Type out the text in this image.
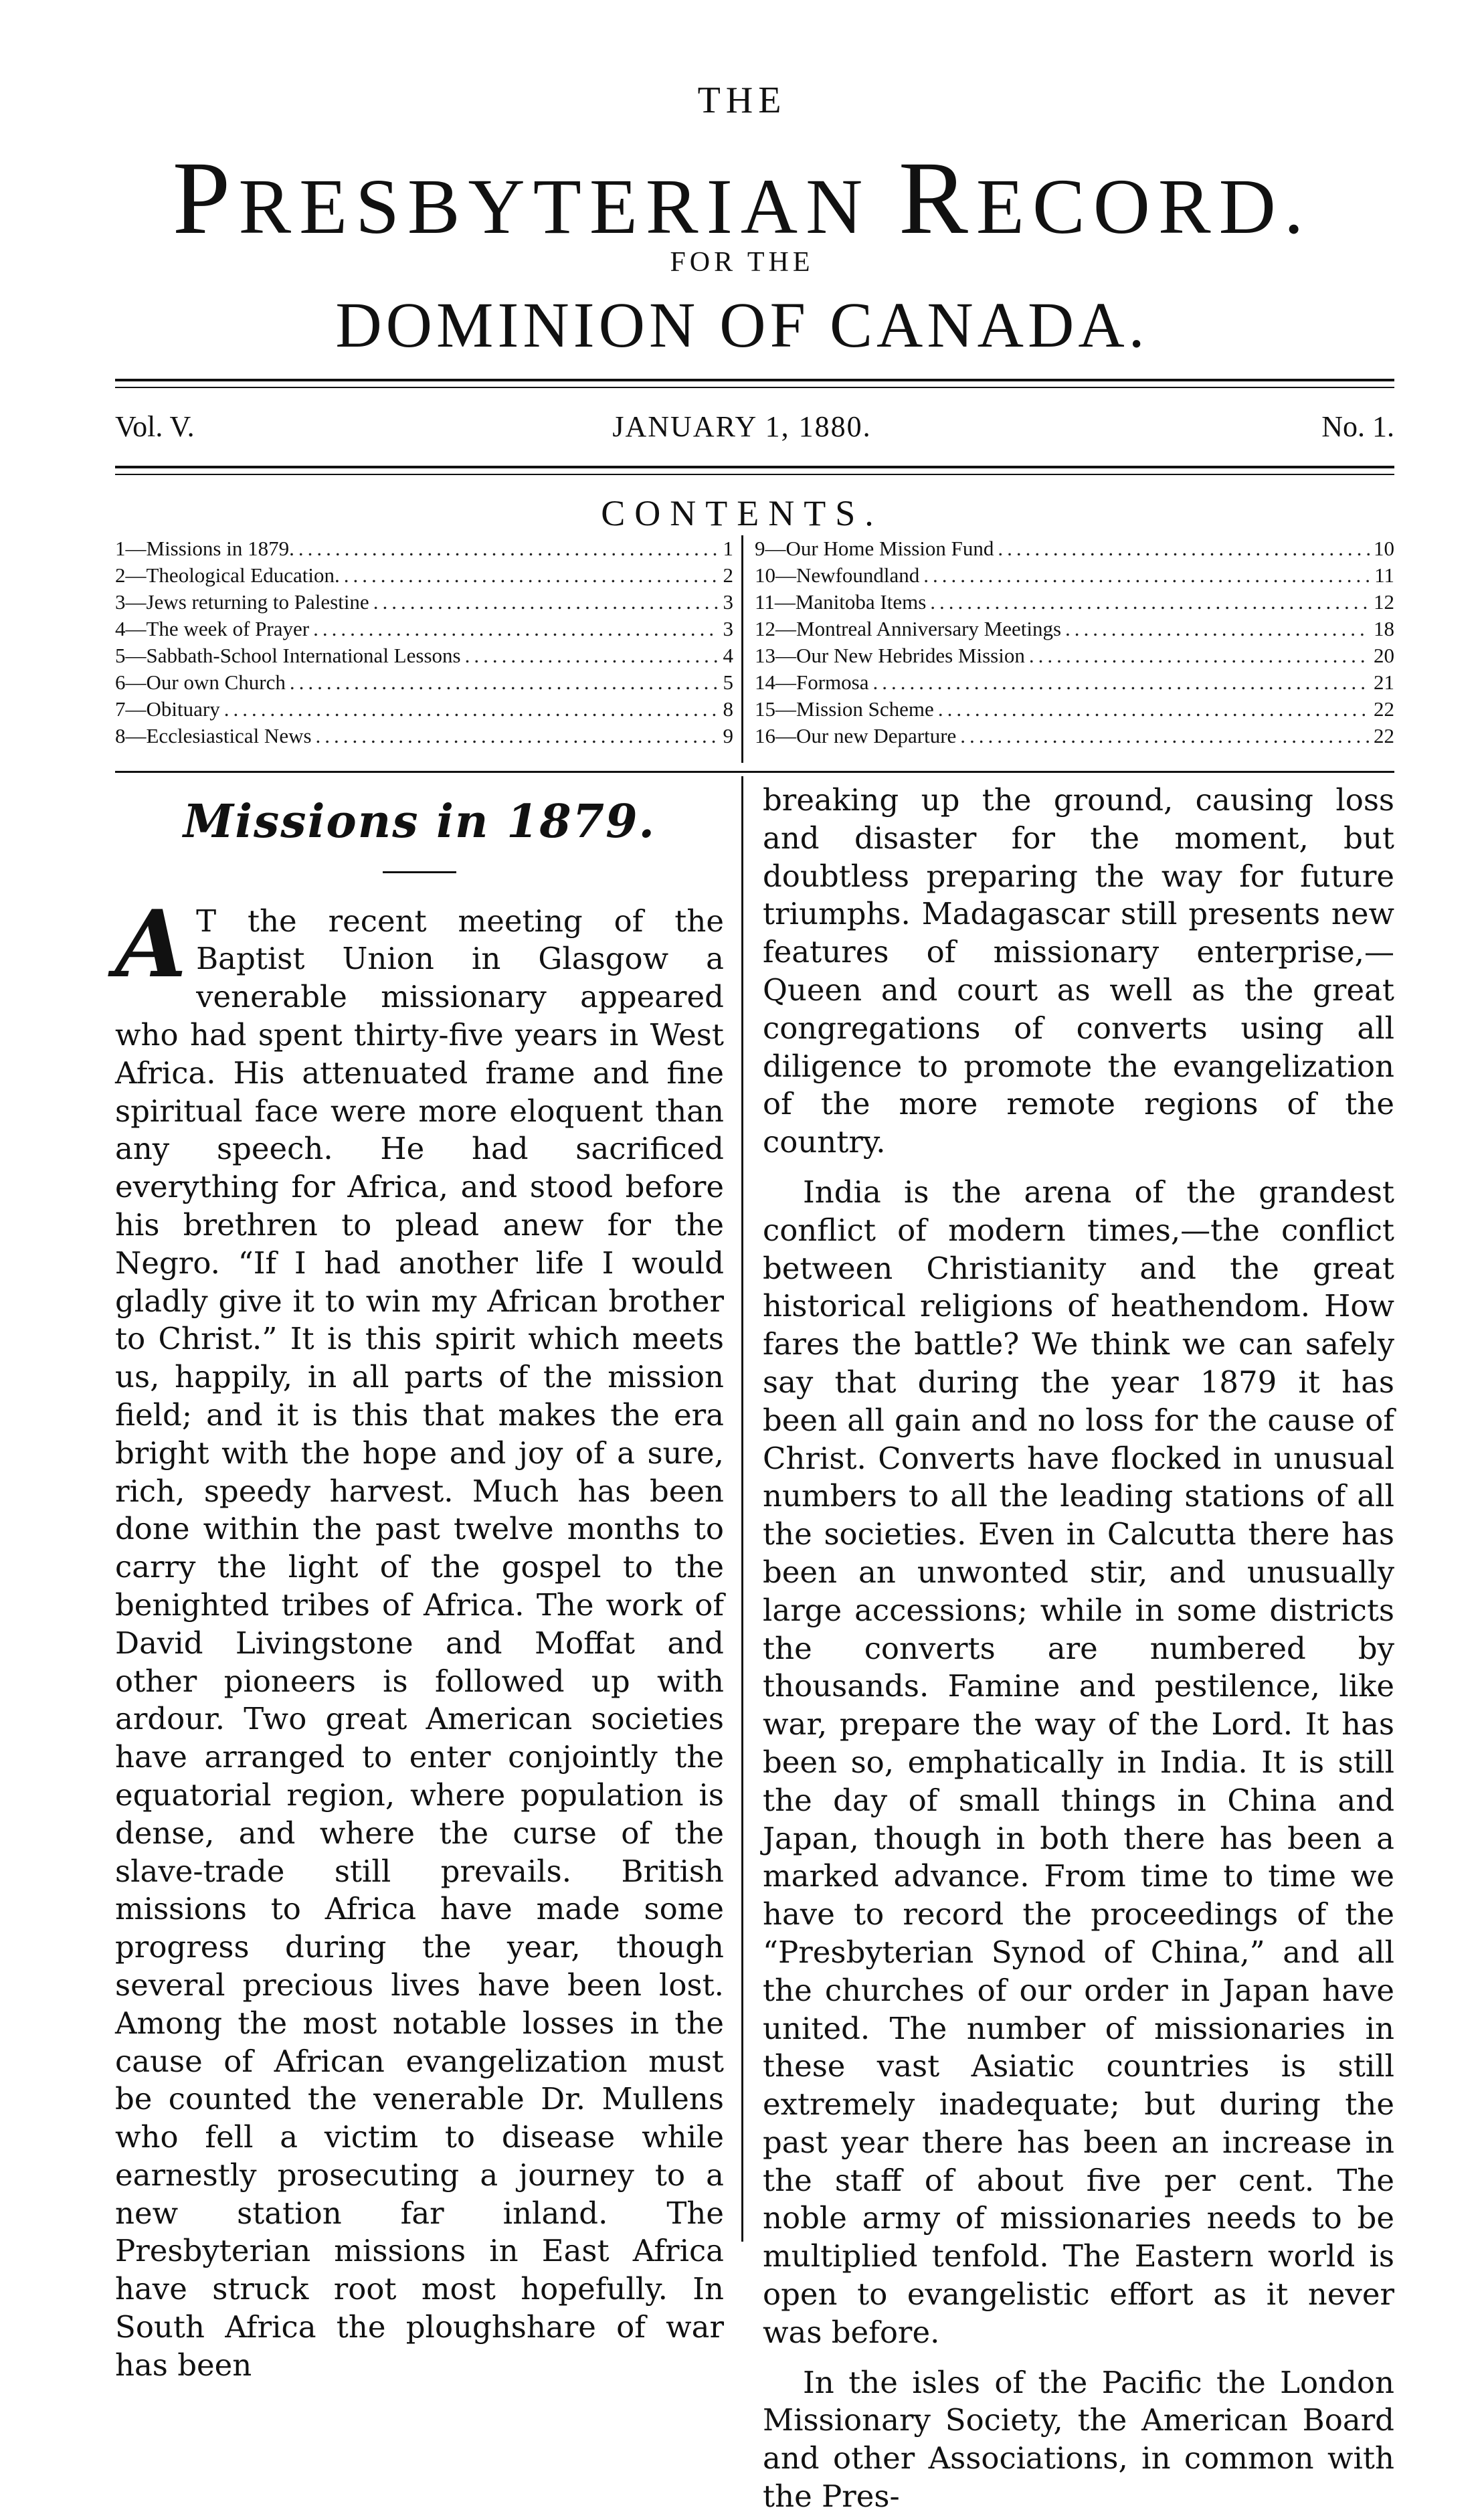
THE
PRESBYTERIAN RECORD.
FOR THE
DOMINION OF CANADA.
JANUARY 1, 1880.
Vol. V.	No. 1.
CONTENTS.
1—Missions in 1879. .....	1
2—Theological Education. .....	2
3—Jews returning to Palestine .....	3
4—The week of Prayer .....	3
5—Sabbath-School International Lessons .....	4
6—Our own Church .....	5
7—Obituary .....	8
8—Ecclesiastical News .....	9
9—Our Home Mission Fund .....	10
10—Newfoundland .....	11
11—Manitoba Items .....	12
12—Montreal Anniversary Meetings .....	18
13—Our New Hebrides Mission .....	20
14—Formosa .....	21
15—Mission Scheme .....	22
16—Our new Departure .....	22
Missions in 1879.

A T the recent meeting of the Baptist Union in Glasgow a venerable missionary appeared who had spent thirty-five years in West Africa. His attenuated frame and fine spiritual face were more eloquent than any speech. He had sacrificed everything for Africa, and stood before his brethren to plead anew for the Negro. “If I had another life I would gladly give it to win my African brother to Christ.” It is this spirit which meets us, happily, in all parts of the mission field; and it is this that makes the era bright with the hope and joy of a sure, rich, speedy harvest. Much has been done within the past twelve months to carry the light of the gospel to the benighted tribes of Africa. The work of David Livingstone and Moffat and other pioneers is followed up with ardour. Two great American societies have arranged to enter conjointly the equatorial region, where population is dense, and where the curse of the slave-trade still prevails. British missions to Africa have made some progress during the year, though several precious lives have been lost. Among the most notable losses in the cause of African evangelization must be counted the venerable Dr. Mullens who fell a victim to disease while earnestly prosecuting a journey to a new station far inland. The Presbyterian missions in East Africa have struck root most hopefully. In South Africa the ploughshare of war has been

breaking up the ground, causing loss and disaster for the moment, but doubtless preparing the way for future triumphs. Madagascar still presents new features of missionary enterprise,—Queen and court as well as the great congregations of converts using all diligence to promote the evangelization of the more remote regions of the country.

India is the arena of the grandest conflict of modern times,—the conflict between Christianity and the great historical religions of heathendom. How fares the battle? We think we can safely say that during the year 1879 it has been all gain and no loss for the cause of Christ. Converts have flocked in unusual numbers to all the leading stations of all the societies. Even in Calcutta there has been an unwonted stir, and unusually large accessions; while in some districts the converts are numbered by thousands. Famine and pestilence, like war, prepare the way of the Lord. It has been so, emphatically in India. It is still the day of small things in China and Japan, though in both there has been a marked advance. From time to time we have to record the proceedings of the “Presbyterian Synod of China,” and all the churches of our order in Japan have united. The number of missionaries in these vast Asiatic countries is still extremely inadequate; but during the past year there has been an increase in the staff of about five per cent. The noble army of missionaries needs to be multiplied tenfold. The Eastern world is open to evangelistic effort as it never was before.

In the isles of the Pacific the London Missionary Society, the American Board and other Associations, in common with the Pres-
